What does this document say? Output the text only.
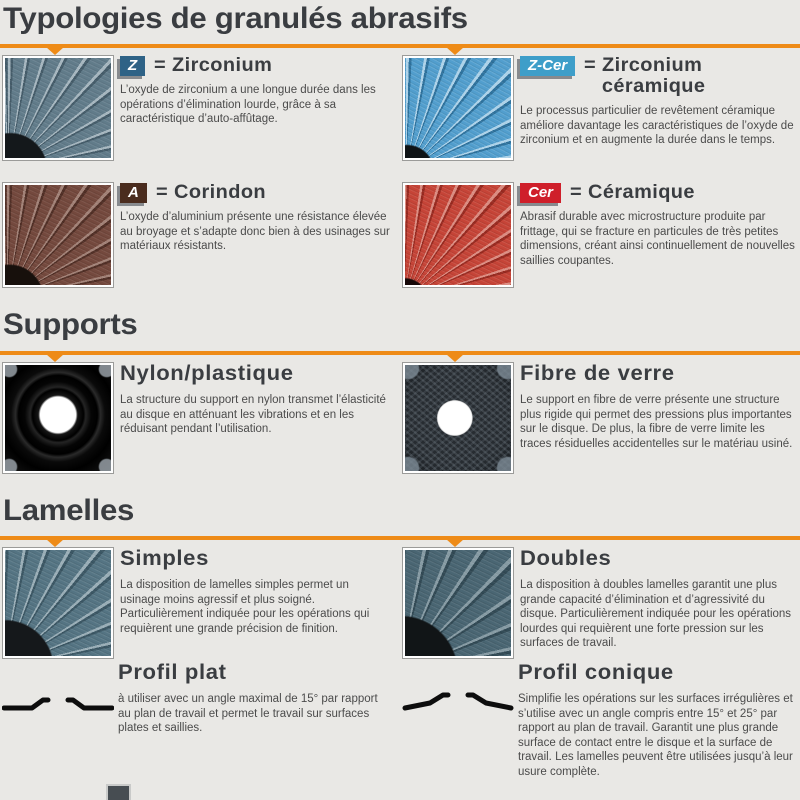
Typologies de granulés abrasifs
Z = Zirconium

L’oxyde de zirconium a une longue durée dans les opérations d’élimination lourde, grâce à sa caractéristique d’auto-affûtage.

Z-Cer = Zirconium
céramique

Le processus particulier de revêtement céramique améliore davantage les caractéristiques de l’oxyde de zirconium et en augmente la durée dans le temps.

A = Corindon

L’oxyde d’aluminium présente une résistance élevée au broyage et s’adapte donc bien à des usinages sur matériaux résistants.

Cer = Céramique

Abrasif durable avec microstructure produite par frittage, qui se fracture en particules de très petites dimensions, créant ainsi continuellement de nouvelles saillies coupantes.

Supports
Nylon/plastique

La structure du support en nylon transmet l’élasticité au disque en atténuant les vibrations et en les réduisant pendant l’utilisation.

Fibre de verre

Le support en fibre de verre présente une structure plus rigide qui permet des pressions plus importantes sur le disque. De plus, la fibre de verre limite les traces résiduelles accidentelles sur le matériau usiné.

Lamelles
Simples

La disposition de lamelles simples permet un usinage moins agressif et plus soigné. Particulièrement indiquée pour les opérations qui requièrent une grande précision de finition.

Doubles

La disposition à doubles lamelles garantit une plus grande capacité d’élimination et d’agressivité du disque. Particulièrement indiquée pour les opérations lourdes qui requièrent une forte pression sur les surfaces de travail.

Profil plat

à utiliser avec un angle maximal de 15° par rapport au plan de travail et permet le travail sur surfaces plates et saillies.

Profil conique

Simplifie les opérations sur les surfaces irrégulières et s’utilise avec un angle compris entre 15° et 25° par rapport au plan de travail. Garantit une plus grande surface de contact entre le disque et la surface de travail. Les lamelles peuvent être utilisées jusqu’à leur usure complète.
